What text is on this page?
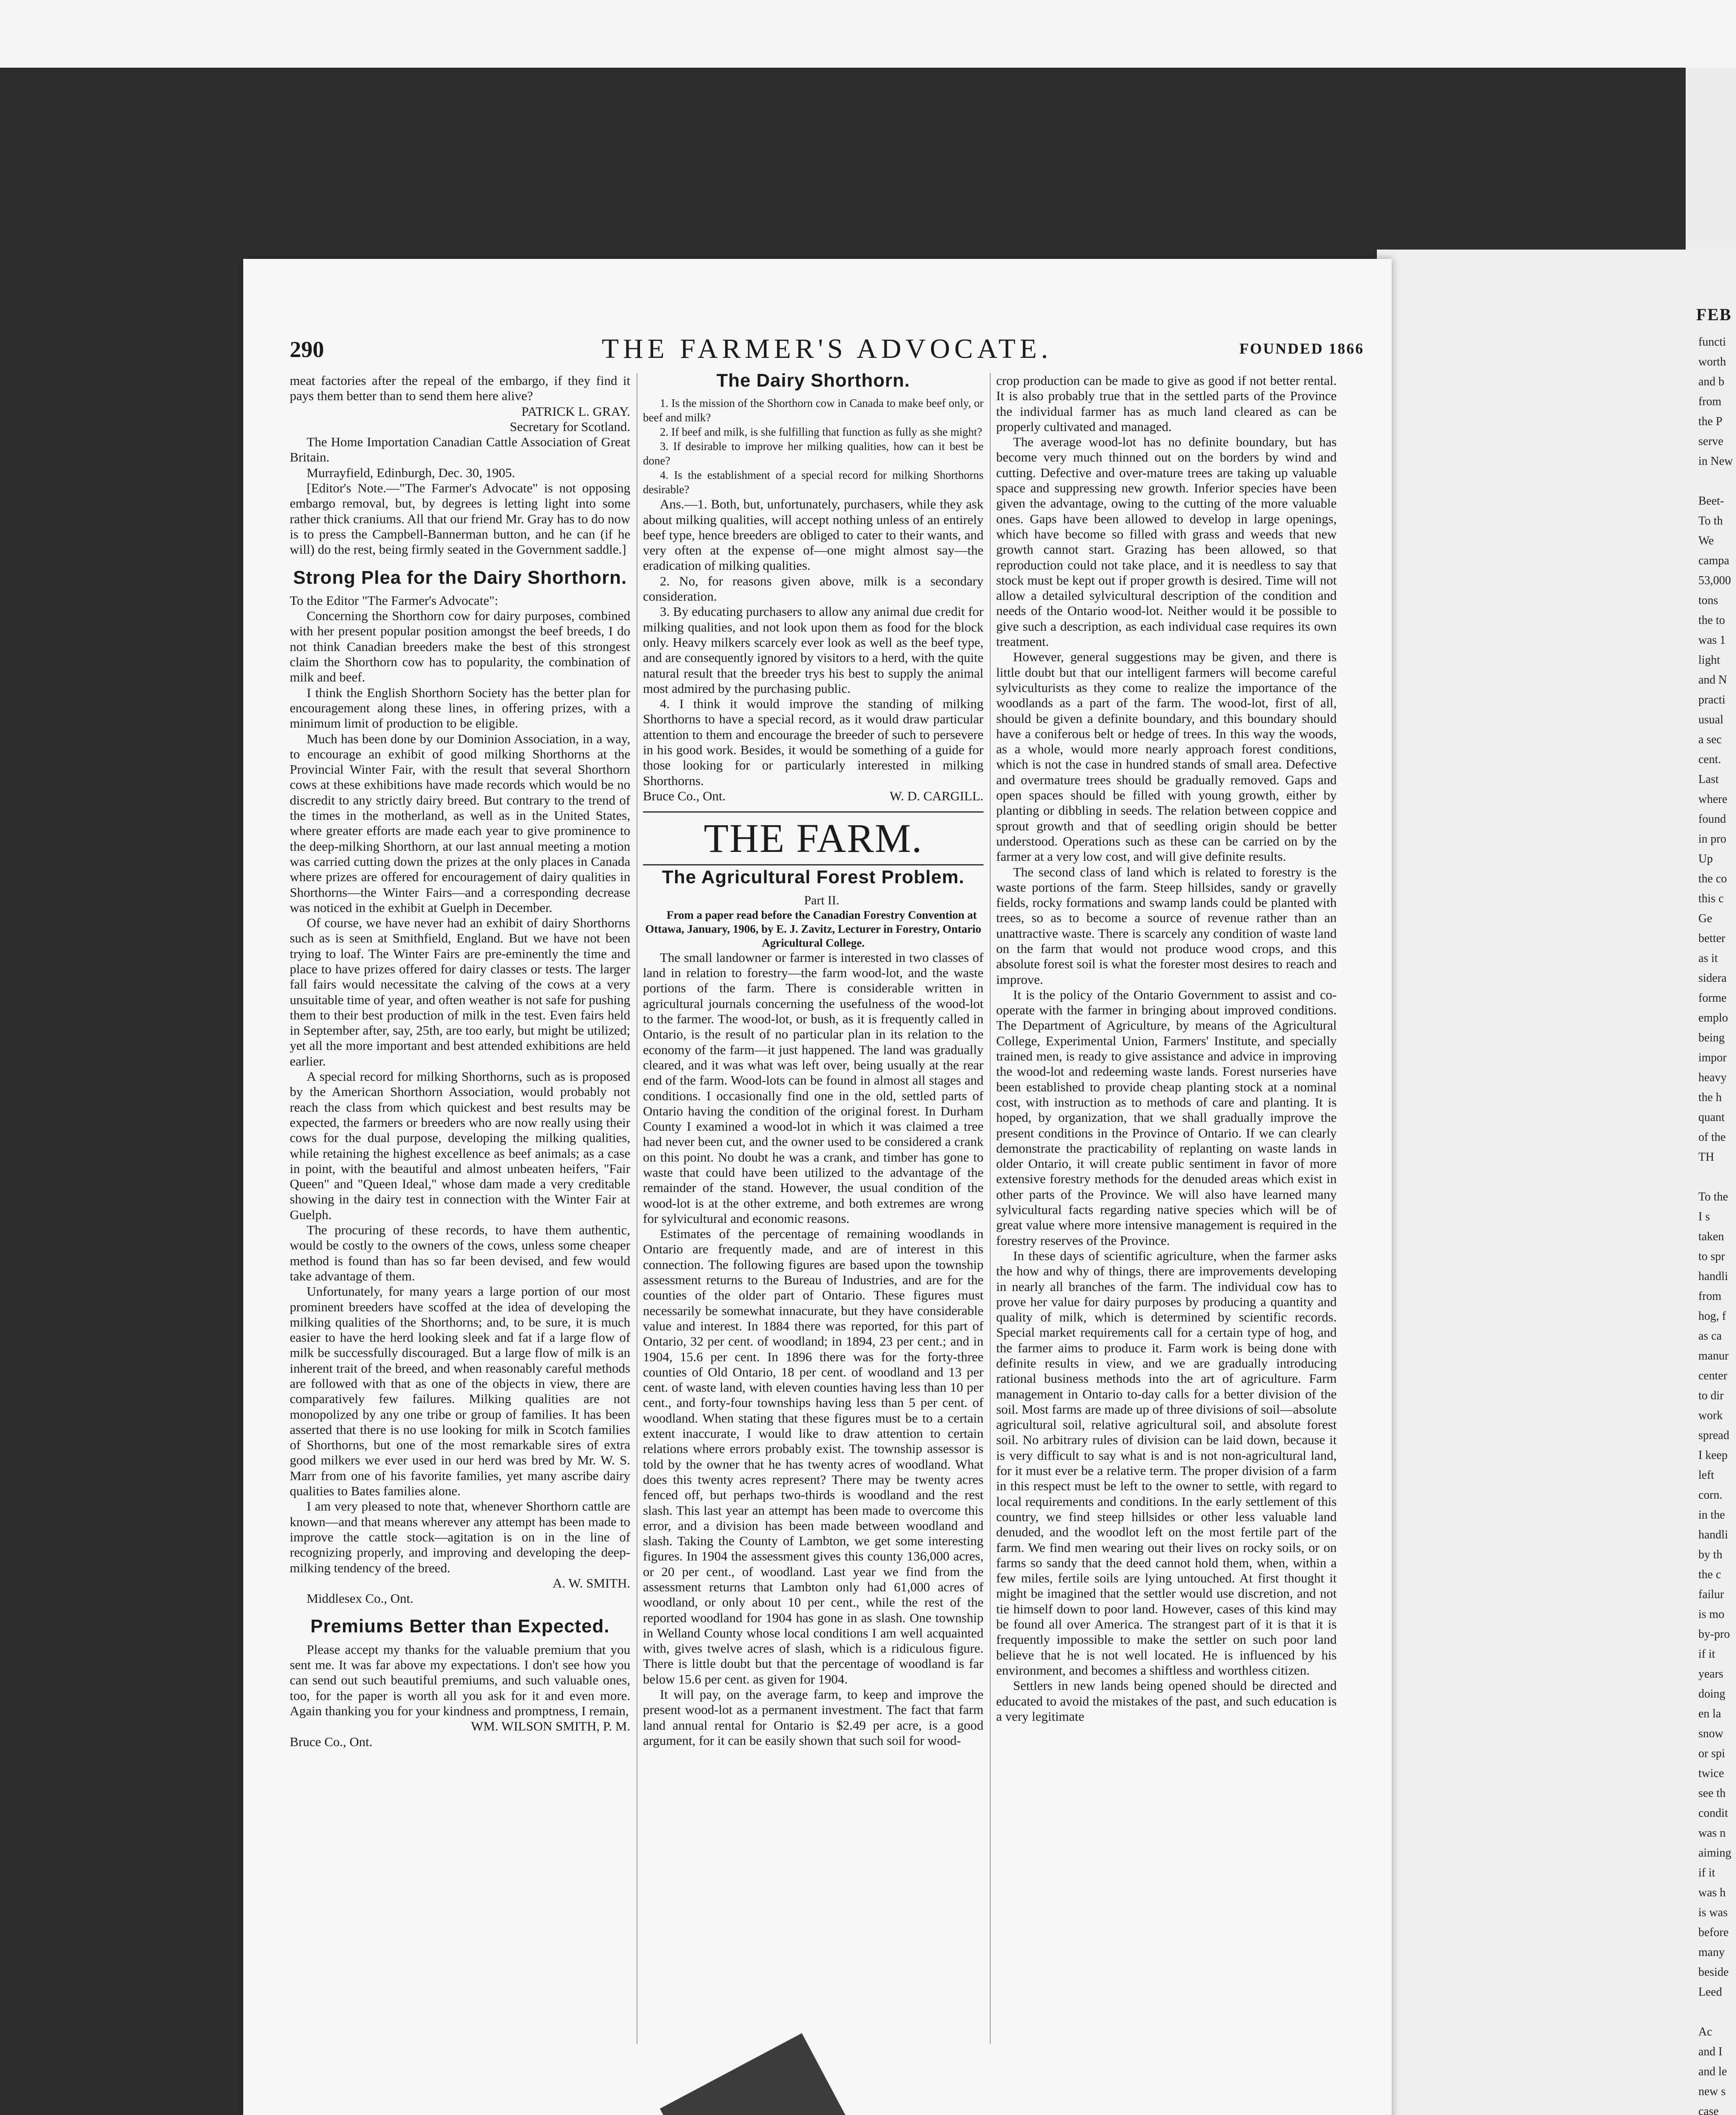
FEB
functi
worth
and b
from
the P
serve
in New
Beet-
To th
We
campa
53,000
tons
the to
was 1
light
and N
practi
usual
a sec
cent.
Last
where
found
in pro
Up
the co
this c
Ge
better
as it
sidera
forme
emplo
being
impor
heavy
the h
quant
of the
TH
To the
I s
taken
to spr
handli
from
hog, f
as ca
manur
center
to dir
work
spread
I keep
left
corn.
in the
handli
by th
the c
failur
is mo
by-pro
if it
years
doing
en la
snow
or spi
twice
see th
condit
was n
aiming
if it
was h
is was
before
many
beside
Leed
Ac
and I
and le
new s
case
290	THE FARMER'S ADVOCATE.	FOUNDED 1866

meat factories after the repeal of the embargo, if they find it pays them better than to send them here alive?

PATRICK L. GRAY.

Secretary for Scotland.

The Home Importation Canadian Cattle Association of Great Britain.

Murrayfield, Edinburgh, Dec. 30, 1905.

[Editor's Note.—"The Farmer's Advocate" is not opposing embargo removal, but, by degrees is letting light into some rather thick craniums. All that our friend Mr. Gray has to do now is to press the Campbell-Bannerman button, and he can (if he will) do the rest, being firmly seated in the Government saddle.]

Strong Plea for the Dairy Shorthorn.

To the Editor "The Farmer's Advocate":

Concerning the Shorthorn cow for dairy purposes, combined with her present popular position amongst the beef breeds, I do not think Canadian breeders make the best of this strongest claim the Shorthorn cow has to popularity, the combination of milk and beef.

I think the English Shorthorn Society has the better plan for encouragement along these lines, in offering prizes, with a minimum limit of production to be eligible.

Much has been done by our Dominion Association, in a way, to encourage an exhibit of good milking Shorthorns at the Provincial Winter Fair, with the result that several Shorthorn cows at these exhibitions have made records which would be no discredit to any strictly dairy breed. But contrary to the trend of the times in the motherland, as well as in the United States, where greater efforts are made each year to give prominence to the deep-milking Shorthorn, at our last annual meeting a motion was carried cutting down the prizes at the only places in Canada where prizes are offered for encouragement of dairy qualities in Shorthorns—the Winter Fairs—and a corresponding decrease was noticed in the exhibit at Guelph in December.

Of course, we have never had an exhibit of dairy Shorthorns such as is seen at Smithfield, England. But we have not been trying to loaf. The Winter Fairs are pre-eminently the time and place to have prizes offered for dairy classes or tests. The larger fall fairs would necessitate the calving of the cows at a very unsuitable time of year, and often weather is not safe for pushing them to their best production of milk in the test. Even fairs held in September after, say, 25th, are too early, but might be utilized; yet all the more important and best attended exhibitions are held earlier.

A special record for milking Shorthorns, such as is proposed by the American Shorthorn Association, would probably not reach the class from which quickest and best results may be expected, the farmers or breeders who are now really using their cows for the dual purpose, developing the milking qualities, while retaining the highest excellence as beef animals; as a case in point, with the beautiful and almost unbeaten heifers, "Fair Queen" and "Queen Ideal," whose dam made a very creditable showing in the dairy test in connection with the Winter Fair at Guelph.

The procuring of these records, to have them authentic, would be costly to the owners of the cows, unless some cheaper method is found than has so far been devised, and few would take advantage of them.

Unfortunately, for many years a large portion of our most prominent breeders have scoffed at the idea of developing the milking qualities of the Shorthorns; and, to be sure, it is much easier to have the herd looking sleek and fat if a large flow of milk be successfully discouraged. But a large flow of milk is an inherent trait of the breed, and when reasonably careful methods are followed with that as one of the objects in view, there are comparatively few failures. Milking qualities are not monopolized by any one tribe or group of families. It has been asserted that there is no use looking for milk in Scotch families of Shorthorns, but one of the most remarkable sires of extra good milkers we ever used in our herd was bred by Mr. W. S. Marr from one of his favorite families, yet many ascribe dairy qualities to Bates families alone.

I am very pleased to note that, whenever Shorthorn cattle are known—and that means wherever any attempt has been made to improve the cattle stock—agitation is on in the line of recognizing properly, and improving and developing the deep-milking tendency of the breed.

A. W. SMITH.

Middlesex Co., Ont.

Premiums Better than Expected.

Please accept my thanks for the valuable premium that you sent me. It was far above my expectations. I don't see how you can send out such beautiful premiums, and such valuable ones, too, for the paper is worth all you ask for it and even more. Again thanking you for your kindness and promptness, I remain,

WM. WILSON SMITH, P. M.

Bruce Co., Ont.

The Dairy Shorthorn.

1. Is the mission of the Shorthorn cow in Canada to make beef only, or beef and milk?

2. If beef and milk, is she fulfilling that function as fully as she might?

3. If desirable to improve her milking qualities, how can it best be done?

4. Is the establishment of a special record for milking Shorthorns desirable?

Ans.—1. Both, but, unfortunately, purchasers, while they ask about milking qualities, will accept nothing unless of an entirely beef type, hence breeders are obliged to cater to their wants, and very often at the expense of—one might almost say—the eradication of milking qualities.

2. No, for reasons given above, milk is a secondary consideration.

3. By educating purchasers to allow any animal due credit for milking qualities, and not look upon them as food for the block only. Heavy milkers scarcely ever look as well as the beef type, and are consequently ignored by visitors to a herd, with the quite natural result that the breeder trys his best to supply the animal most admired by the purchasing public.

4. I think it would improve the standing of milking Shorthorns to have a special record, as it would draw particular attention to them and encourage the breeder of such to persevere in his good work. Besides, it would be something of a guide for those looking for or particularly interested in milking Shorthorns.

Bruce Co., Ont.	W. D. CARGILL.
THE FARM.
The Agricultural Forest Problem.

Part II.

From a paper read before the Canadian Forestry Convention at Ottawa, January, 1906, by E. J. Zavitz, Lecturer in Forestry, Ontario Agricultural College.

The small landowner or farmer is interested in two classes of land in relation to forestry—the farm wood-lot, and the waste portions of the farm. There is considerable written in agricultural journals concerning the usefulness of the wood-lot to the farmer. The wood-lot, or bush, as it is frequently called in Ontario, is the result of no particular plan in its relation to the economy of the farm—it just happened. The land was gradually cleared, and it was what was left over, being usually at the rear end of the farm. Wood-lots can be found in almost all stages and conditions. I occasionally find one in the old, settled parts of Ontario having the condition of the original forest. In Durham County I examined a wood-lot in which it was claimed a tree had never been cut, and the owner used to be considered a crank on this point. No doubt he was a crank, and timber has gone to waste that could have been utilized to the advantage of the remainder of the stand. However, the usual condition of the wood-lot is at the other extreme, and both extremes are wrong for sylvicultural and economic reasons.

Estimates of the percentage of remaining woodlands in Ontario are frequently made, and are of interest in this connection. The following figures are based upon the township assessment returns to the Bureau of Industries, and are for the counties of the older part of Ontario. These figures must necessarily be somewhat innacurate, but they have considerable value and interest. In 1884 there was reported, for this part of Ontario, 32 per cent. of woodland; in 1894, 23 per cent.; and in 1904, 15.6 per cent. In 1896 there was for the forty-three counties of Old Ontario, 18 per cent. of woodland and 13 per cent. of waste land, with eleven counties having less than 10 per cent., and forty-four townships having less than 5 per cent. of woodland. When stating that these figures must be to a certain extent inaccurate, I would like to draw attention to certain relations where errors probably exist. The township assessor is told by the owner that he has twenty acres of woodland. What does this twenty acres represent? There may be twenty acres fenced off, but perhaps two-thirds is woodland and the rest slash. This last year an attempt has been made to overcome this error, and a division has been made between woodland and slash. Taking the County of Lambton, we get some interesting figures. In 1904 the assessment gives this county 136,000 acres, or 20 per cent., of woodland. Last year we find from the assessment returns that Lambton only had 61,000 acres of woodland, or only about 10 per cent., while the rest of the reported woodland for 1904 has gone in as slash. One township in Welland County whose local conditions I am well acquainted with, gives twelve acres of slash, which is a ridiculous figure. There is little doubt but that the percentage of woodland is far below 15.6 per cent. as given for 1904.

It will pay, on the average farm, to keep and improve the present wood-lot as a permanent investment. The fact that farm land annual rental for Ontario is $2.49 per acre, is a good argument, for it can be easily shown that such soil for wood-

crop production can be made to give as good if not better rental. It is also probably true that in the settled parts of the Province the individual farmer has as much land cleared as can be properly cultivated and managed.

The average wood-lot has no definite boundary, but has become very much thinned out on the borders by wind and cutting. Defective and over-mature trees are taking up valuable space and suppressing new growth. Inferior species have been given the advantage, owing to the cutting of the more valuable ones. Gaps have been allowed to develop in large openings, which have become so filled with grass and weeds that new growth cannot start. Grazing has been allowed, so that reproduction could not take place, and it is needless to say that stock must be kept out if proper growth is desired. Time will not allow a detailed sylvicultural description of the condition and needs of the Ontario wood-lot. Neither would it be possible to give such a description, as each individual case requires its own treatment.

However, general suggestions may be given, and there is little doubt but that our intelligent farmers will become careful sylviculturists as they come to realize the importance of the woodlands as a part of the farm. The wood-lot, first of all, should be given a definite boundary, and this boundary should have a coniferous belt or hedge of trees. In this way the woods, as a whole, would more nearly approach forest conditions, which is not the case in hundred stands of small area. Defective and overmature trees should be gradually removed. Gaps and open spaces should be filled with young growth, either by planting or dibbling in seeds. The relation between coppice and sprout growth and that of seedling origin should be better understood. Operations such as these can be carried on by the farmer at a very low cost, and will give definite results.

The second class of land which is related to forestry is the waste portions of the farm. Steep hillsides, sandy or gravelly fields, rocky formations and swamp lands could be planted with trees, so as to become a source of revenue rather than an unattractive waste. There is scarcely any condition of waste land on the farm that would not produce wood crops, and this absolute forest soil is what the forester most desires to reach and improve.

It is the policy of the Ontario Government to assist and co-operate with the farmer in bringing about improved conditions. The Department of Agriculture, by means of the Agricultural College, Experimental Union, Farmers' Institute, and specially trained men, is ready to give assistance and advice in improving the wood-lot and redeeming waste lands. Forest nurseries have been established to provide cheap planting stock at a nominal cost, with instruction as to methods of care and planting. It is hoped, by organization, that we shall gradually improve the present conditions in the Province of Ontario. If we can clearly demonstrate the practicability of replanting on waste lands in older Ontario, it will create public sentiment in favor of more extensive forestry methods for the denuded areas which exist in other parts of the Province. We will also have learned many sylvicultural facts regarding native species which will be of great value where more intensive management is required in the forestry reserves of the Province.

In these days of scientific agriculture, when the farmer asks the how and why of things, there are improvements developing in nearly all branches of the farm. The individual cow has to prove her value for dairy purposes by producing a quantity and quality of milk, which is determined by scientific records. Special market requirements call for a certain type of hog, and the farmer aims to produce it. Farm work is being done with definite results in view, and we are gradually introducing rational business methods into the art of agriculture. Farm management in Ontario to-day calls for a better division of the soil. Most farms are made up of three divisions of soil—absolute agricultural soil, relative agricultural soil, and absolute forest soil. No arbitrary rules of division can be laid down, because it is very difficult to say what is and is not non-agricultural land, for it must ever be a relative term. The proper division of a farm in this respect must be left to the owner to settle, with regard to local requirements and conditions. In the early settlement of this country, we find steep hillsides or other less valuable land denuded, and the woodlot left on the most fertile part of the farm. We find men wearing out their lives on rocky soils, or on farms so sandy that the deed cannot hold them, when, within a few miles, fertile soils are lying untouched. At first thought it might be imagined that the settler would use discretion, and not tie himself down to poor land. However, cases of this kind may be found all over America. The strangest part of it is that it is frequently impossible to make the settler on such poor land believe that he is not well located. He is influenced by his environment, and becomes a shiftless and worthless citizen.

Settlers in new lands being opened should be directed and educated to avoid the mistakes of the past, and such education is a very legitimate
